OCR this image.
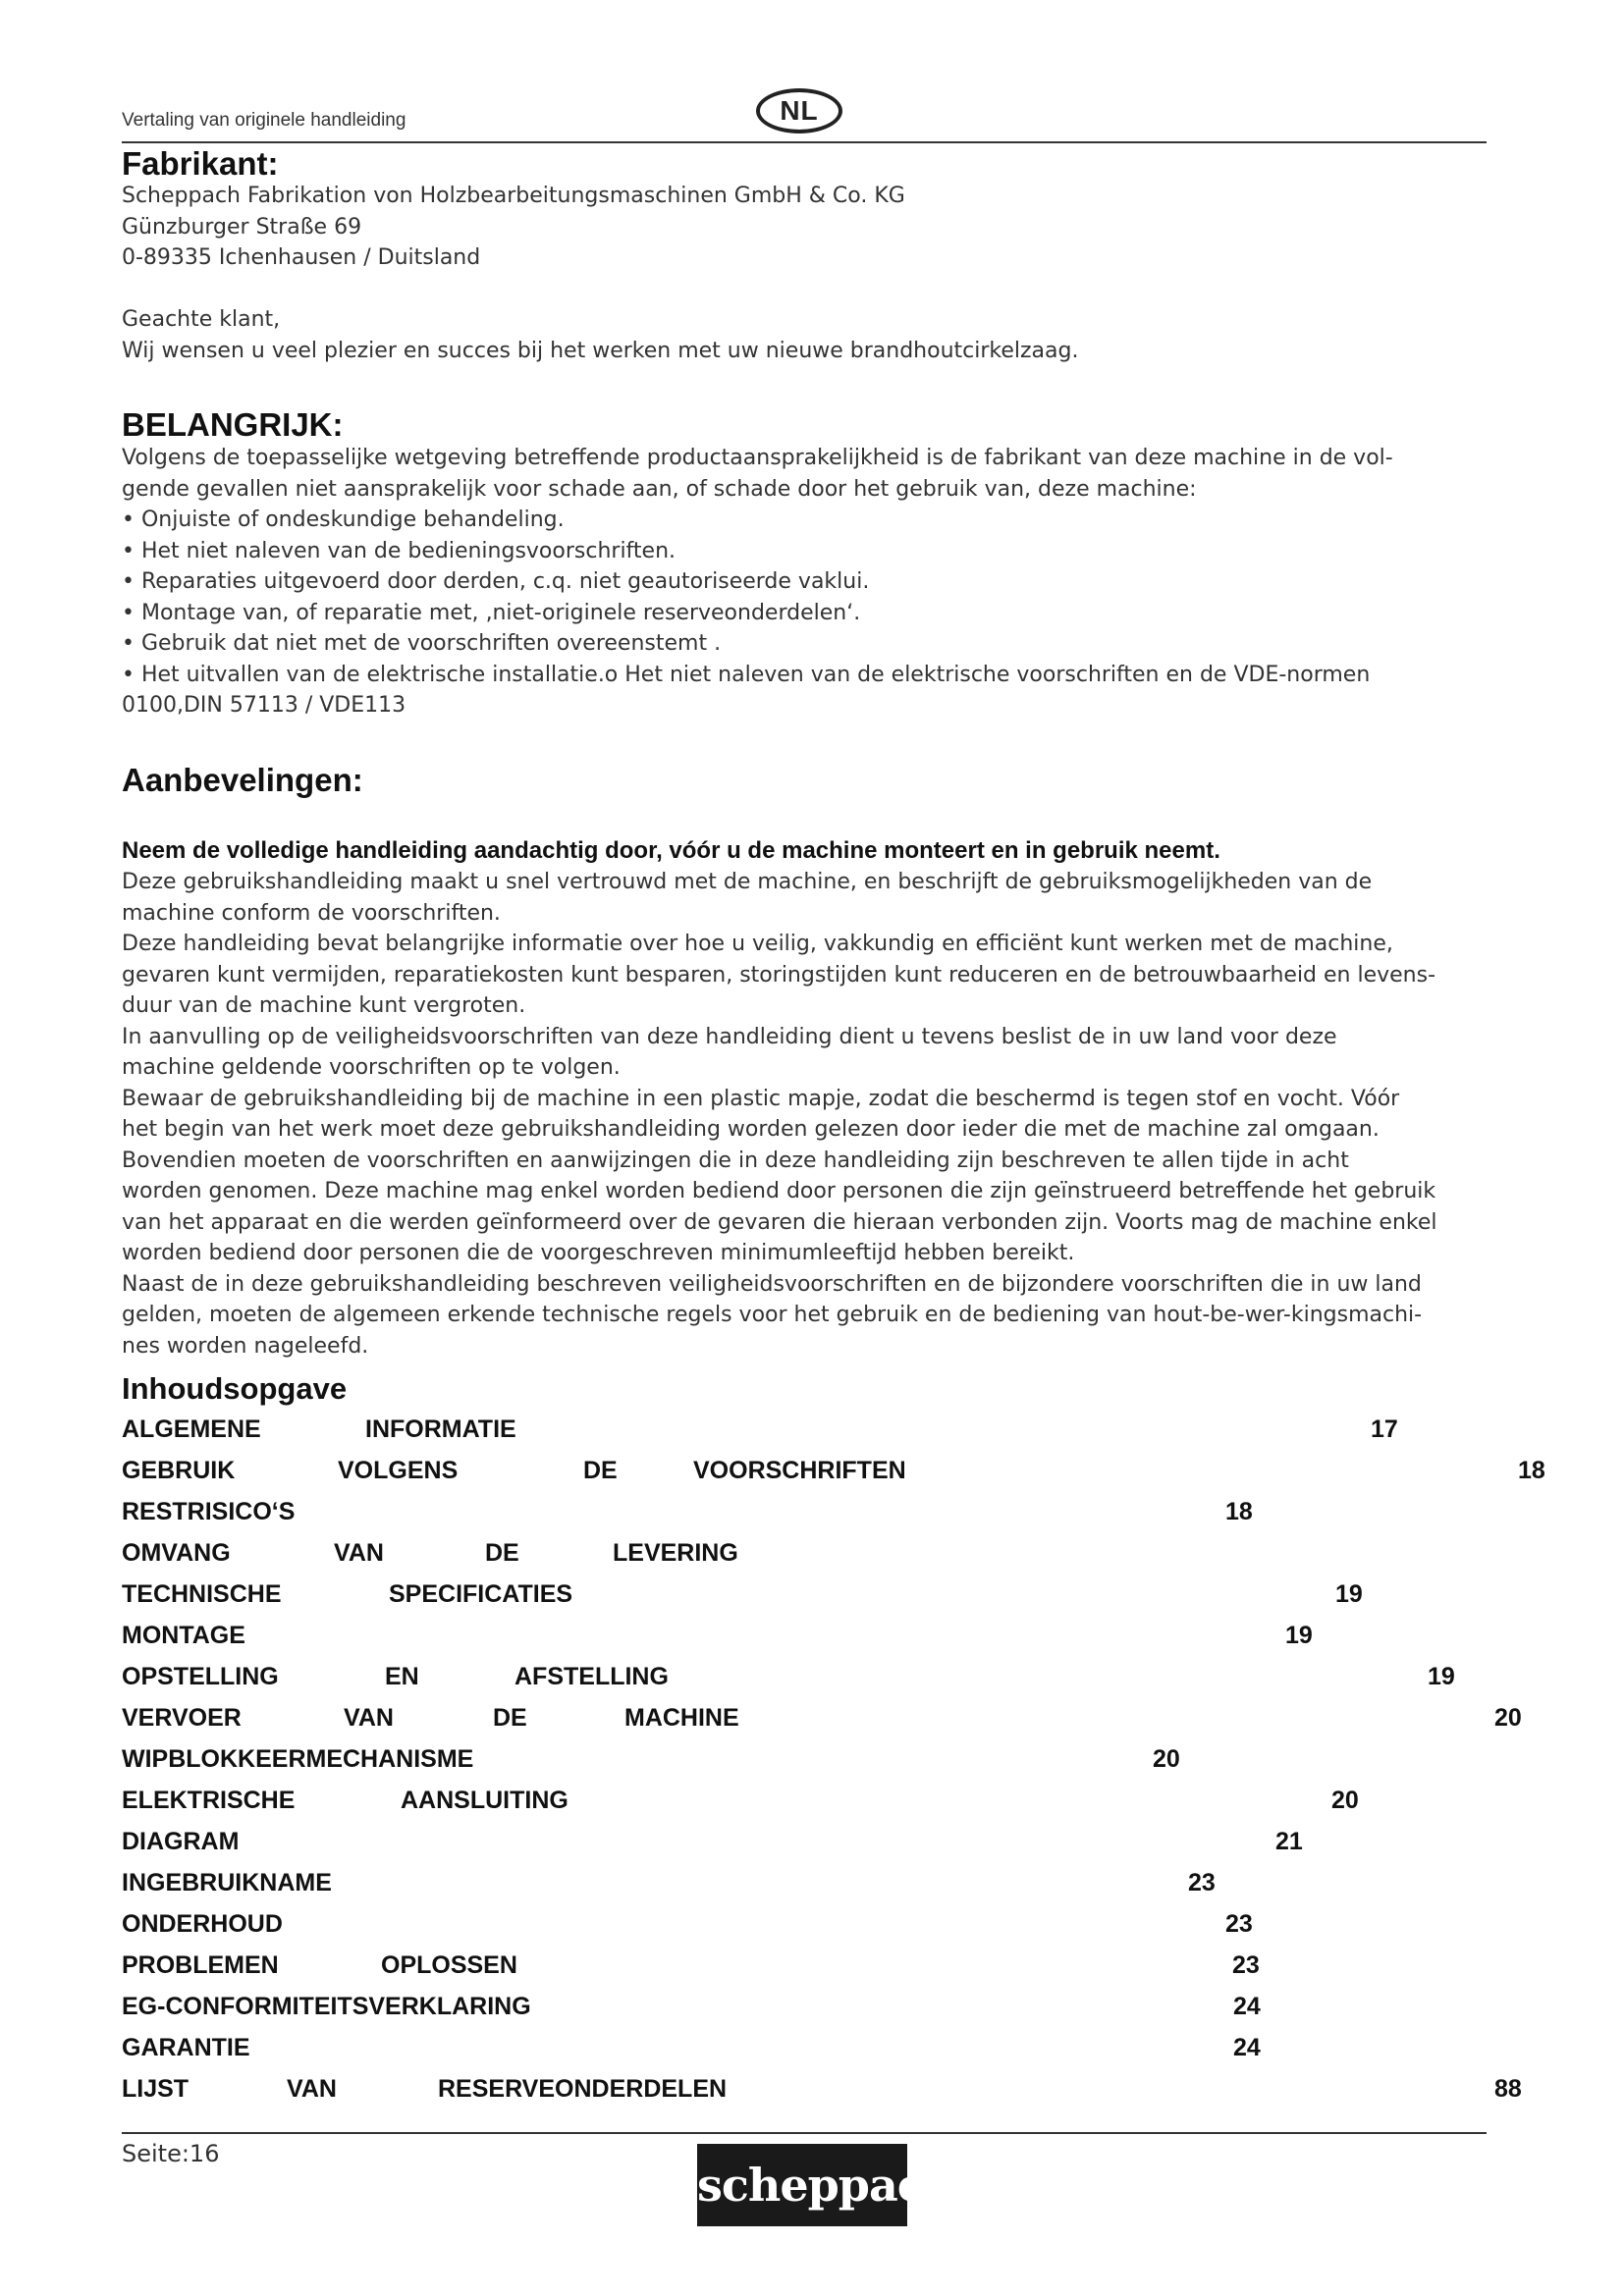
Vertaling van originele handleiding	NL
Fabrikant:
Scheppach Fabrikation von Holzbearbeitungsmaschinen GmbH & Co. KG
Günzburger Straße 69
0-89335 Ichenhausen / Duitsland
Geachte klant,
Wij wensen u veel plezier en succes bij het werken met uw nieuwe brandhoutcirkelzaag.
BELANGRIJK:
Volgens de toepasselijke wetgeving betreffende productaansprakelijkheid is de fabrikant van deze machine in de vol-
gende gevallen niet aansprakelijk voor schade aan, of schade door het gebruik van, deze machine:
• Onjuiste of ondeskundige behandeling.
• Het niet naleven van de bedieningsvoorschriften.
• Reparaties uitgevoerd door derden, c.q. niet geautoriseerde vaklui.
• Montage van, of reparatie met, ‚niet-originele reserveonderdelen‘.
• Gebruik dat niet met de voorschriften overeenstemt .
• Het uitvallen van de elektrische installatie.o Het niet naleven van de elektrische voorschriften en de VDE-normen
0100,DIN 57113 / VDE113
Aanbevelingen:
Neem de volledige handleiding aandachtig door, vóór u de machine monteert en in gebruik neemt.
Deze gebruikshandleiding maakt u snel vertrouwd met de machine, en beschrijft de gebruiksmogelijkheden van de
machine conform de voorschriften.
Deze handleiding bevat belangrijke informatie over hoe u veilig, vakkundig en efficiënt kunt werken met de machine,
gevaren kunt vermijden, reparatiekosten kunt besparen, storingstijden kunt reduceren en de betrouwbaarheid en levens-
duur van de machine kunt vergroten.
In aanvulling op de veiligheidsvoorschriften van deze handleiding dient u tevens beslist de in uw land voor deze
machine geldende voorschriften op te volgen.
Bewaar de gebruikshandleiding bij de machine in een plastic mapje, zodat die beschermd is tegen stof en vocht. Vóór
het begin van het werk moet deze gebruikshandleiding worden gelezen door ieder die met de machine zal omgaan.
Bovendien moeten de voorschriften en aanwijzingen die in deze handleiding zijn beschreven te allen tijde in acht
worden genomen. Deze machine mag enkel worden bediend door personen die zijn geïnstrueerd betreffende het gebruik
van het apparaat en die werden geïnformeerd over de gevaren die hieraan verbonden zijn. Voorts mag de machine enkel
worden bediend door personen die de voorgeschreven minimumleeftijd hebben bereikt.
Naast de in deze gebruikshandleiding beschreven veiligheidsvoorschriften en de bijzondere voorschriften die in uw land
gelden, moeten de algemeen erkende technische regels voor het gebruik en de bediening van hout-be-wer-kingsmachi-
nes worden nageleefd.
Inhoudsopgave
ALGEMENE	INFORMATIE	17
GEBRUIK	VOLGENS	DE	VOORSCHRIFTEN	18
RESTRISICO‘S	18
OMVANG	VAN	DE	LEVERING
TECHNISCHE	SPECIFICATIES	19
MONTAGE	19
OPSTELLING	EN	AFSTELLING	19
VERVOER	VAN	DE	MACHINE	20
WIPBLOKKEERMECHANISME	20
ELEKTRISCHE	AANSLUITING	20
DIAGRAM	21
INGEBRUIKNAME	23
ONDERHOUD	23
PROBLEMEN	OPLOSSEN	23
EG-CONFORMITEITSVERKLARING	24
GARANTIE	24
LIJST	VAN	RESERVEONDERDELEN	88
Seite:16
scheppach
